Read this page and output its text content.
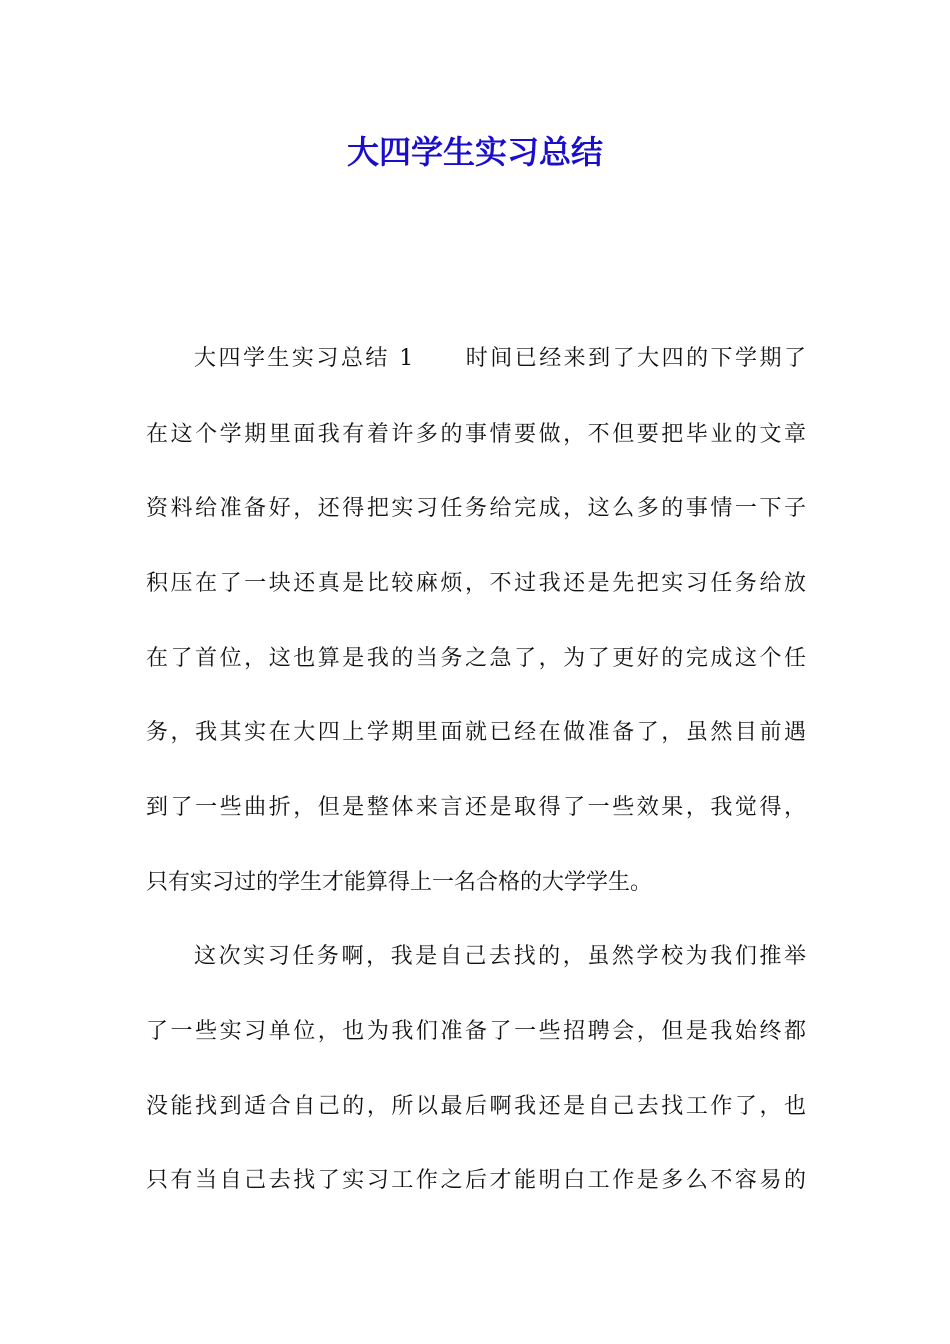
大四学生实习总结
大四学生实习总结 1 时间已经来到了大四的下学期了
在这个学期里面我有着许多的事情要做，不但要把毕业的文章
资料给准备好，还得把实习任务给完成，这么多的事情一下子
积压在了一块还真是比较麻烦，不过我还是先把实习任务给放
在了首位，这也算是我的当务之急了，为了更好的完成这个任
务，我其实在大四上学期里面就已经在做准备了，虽然目前遇
到了一些曲折，但是整体来言还是取得了一些效果，我觉得，
只有实习过的学生才能算得上一名合格的大学学生。
这次实习任务啊，我是自己去找的，虽然学校为我们推举
了一些实习单位，也为我们准备了一些招聘会，但是我始终都
没能找到适合自己的，所以最后啊我还是自己去找工作了，也
只有当自己去找了实习工作之后才能明白工作是多么不容易的
